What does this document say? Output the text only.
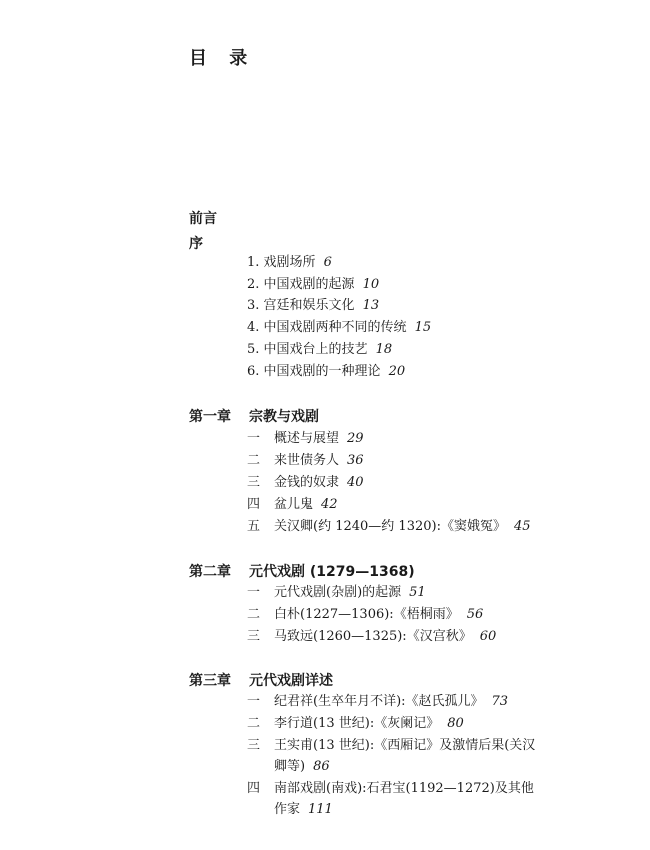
目 录
前言
序
1. 戏剧场所 6
2. 中国戏剧的起源 10
3. 宫廷和娱乐文化 13
4. 中国戏剧两种不同的传统 15
5. 中国戏台上的技艺 18
6. 中国戏剧的一种理论 20
第一章 宗教与戏剧
一	概述与展望 29
二	来世债务人 36
三	金钱的奴隶 40
四	盆儿鬼 42
五	关汉卿(约 1240—约 1320):《窦娥冤》 45
第二章 元代戏剧 (1279—1368)
一	元代戏剧(杂剧)的起源 51
二	白朴(1227—1306):《梧桐雨》 56
三	马致远(1260—1325):《汉宫秋》 60
第三章 元代戏剧详述
一	纪君祥(生卒年月不详):《赵氏孤儿》 73
二	李行道(13 世纪):《灰阑记》 80
三	王实甫(13 世纪):《西厢记》及激情后果(关汉
卿等) 86
四	南部戏剧(南戏):石君宝(1192—1272)及其他
作家 111
